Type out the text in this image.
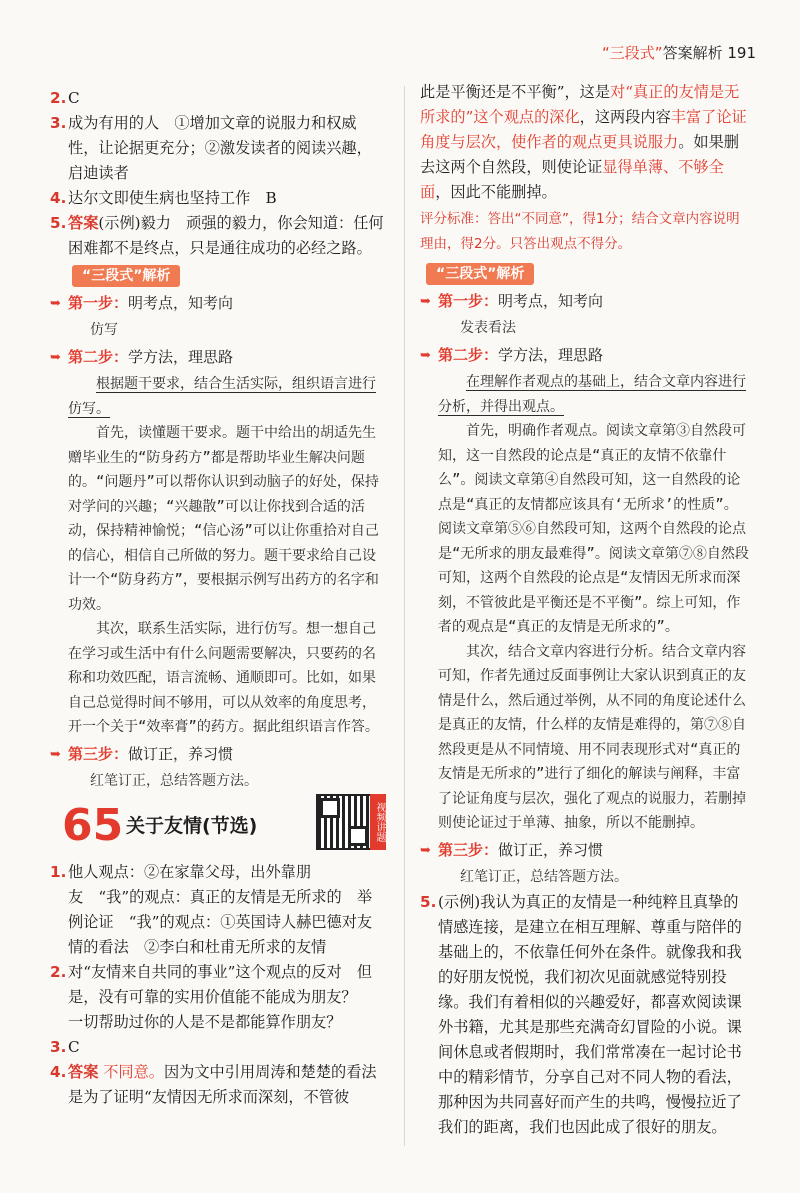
“三段式”答案解析 191

2. C

3. 成为有用的人　①增加文章的说服力和权威性，让论据更充分；②激发读者的阅读兴趣，启迪读者

4. 达尔文即使生病也坚持工作　B

5. 答案(示例)毅力　顽强的毅力，你会知道：任何困难都不是终点，只是通往成功的必经之路。

“三段式”解析
➥ 第一步：明考点，知考向

仿写

➥ 第二步：学方法，理思路

根据题干要求，结合生活实际，组织语言进行仿写。

首先，读懂题干要求。题干中给出的胡适先生赠毕业生的“防身药方”都是帮助毕业生解决问题的。“问题丹”可以帮你认识到动脑子的好处，保持对学问的兴趣；“兴趣散”可以让你找到合适的活动，保持精神愉悦；“信心汤”可以让你重拾对自己的信心，相信自己所做的努力。题干要求给自己设计一个“防身药方”，要根据示例写出药方的名字和功效。

其次，联系生活实际，进行仿写。想一想自己在学习或生活中有什么问题需要解决，只要药的名称和功效匹配，语言流畅、通顺即可。比如，如果自己总觉得时间不够用，可以从效率的角度思考，开一个关于“效率膏”的药方。据此组织语言作答。

➥ 第三步：做订正，养习惯

红笔订正，总结答题方法。

65 关于友情(节选)	视频讲题

1. 他人观点：②在家靠父母，出外靠朋友　“我”的观点：真正的友情是无所求的　举例论证　“我”的观点：①英国诗人赫巴德对友情的看法　②李白和杜甫无所求的友情

2. 对“友情来自共同的事业”这个观点的反对　但是，没有可靠的实用价值能不能成为朋友？　一切帮助过你的人是不是都能算作朋友？

3. C

4. 答案 不同意。因为文中引用周涛和楚楚的看法是为了证明“友情因无所求而深刻，不管彼

此是平衡还是不平衡”，这是对“真正的友情是无所求的”这个观点的深化，这两段内容丰富了论证角度与层次，使作者的观点更具说服力。如果删去这两个自然段，则使论证显得单薄、不够全面，因此不能删掉。

评分标准：答出“不同意”，得1分；结合文章内容说明理由，得2分。只答出观点不得分。

“三段式”解析
➥ 第一步：明考点，知考向

发表看法

➥ 第二步：学方法，理思路

在理解作者观点的基础上，结合文章内容进行分析，并得出观点。

首先，明确作者观点。阅读文章第③自然段可知，这一自然段的论点是“真正的友情不依靠什么”。阅读文章第④自然段可知，这一自然段的论点是“真正的友情都应该具有‘无所求’的性质”。阅读文章第⑤⑥自然段可知，这两个自然段的论点是“无所求的朋友最难得”。阅读文章第⑦⑧自然段可知，这两个自然段的论点是“友情因无所求而深刻，不管彼此是平衡还是不平衡”。综上可知，作者的观点是“真正的友情是无所求的”。

其次，结合文章内容进行分析。结合文章内容可知，作者先通过反面事例让大家认识到真正的友情是什么，然后通过举例，从不同的角度论述什么是真正的友情，什么样的友情是难得的，第⑦⑧自然段更是从不同情境、用不同表现形式对“真正的友情是无所求的”进行了细化的解读与阐释，丰富了论证角度与层次，强化了观点的说服力，若删掉则使论证过于单薄、抽象，所以不能删掉。

➥ 第三步：做订正，养习惯

红笔订正，总结答题方法。

5. (示例)我认为真正的友情是一种纯粹且真挚的情感连接，是建立在相互理解、尊重与陪伴的基础上的，不依靠任何外在条件。就像我和我的好朋友悦悦，我们初次见面就感觉特别投缘。我们有着相似的兴趣爱好，都喜欢阅读课外书籍，尤其是那些充满奇幻冒险的小说。课间休息或者假期时，我们常常凑在一起讨论书中的精彩情节，分享自己对不同人物的看法，那种因为共同喜好而产生的共鸣，慢慢拉近了我们的距离，我们也因此成了很好的朋友。
